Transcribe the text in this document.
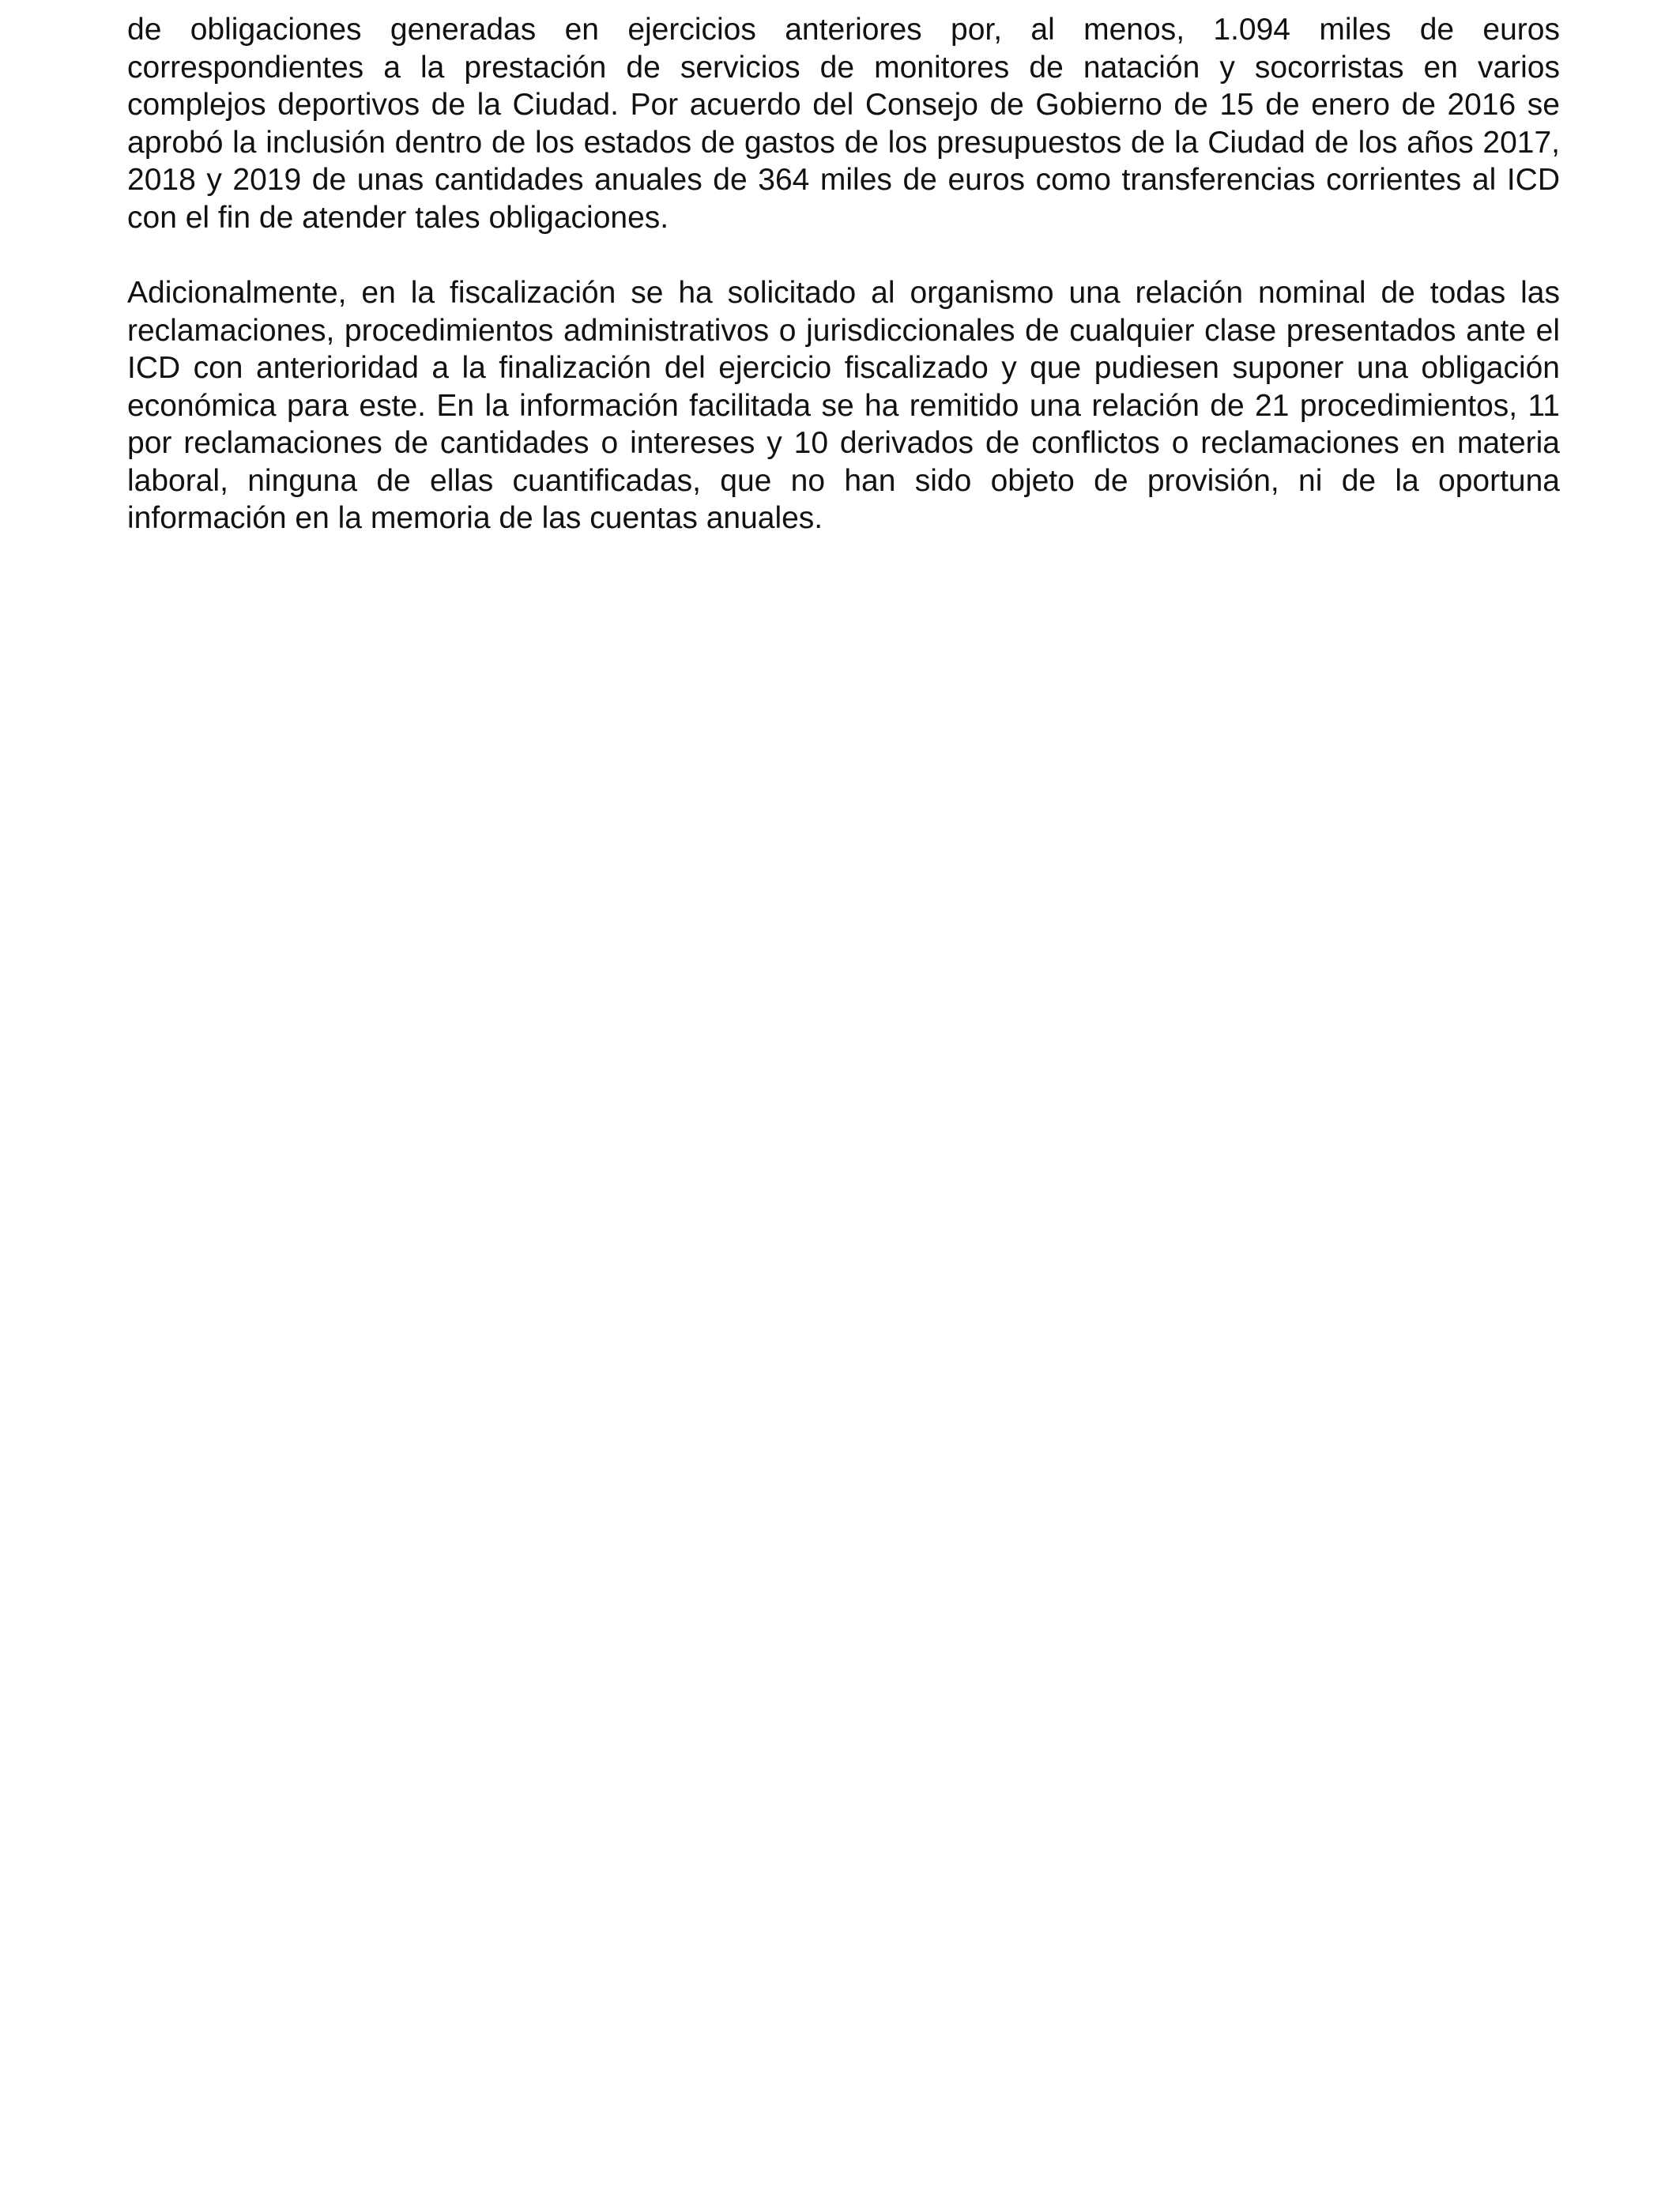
de obligaciones generadas en ejercicios anteriores por, al menos, 1.094 miles de euros correspondientes a la prestación de servicios de monitores de natación y socorristas en varios complejos deportivos de la Ciudad. Por acuerdo del Consejo de Gobierno de 15 de enero de 2016 se aprobó la inclusión dentro de los estados de gastos de los presupuestos de la Ciudad de los años 2017, 2018 y 2019 de unas cantidades anuales de 364 miles de euros como transferencias corrientes al ICD con el fin de atender tales obligaciones.

Adicionalmente, en la fiscalización se ha solicitado al organismo una relación nominal de todas las reclamaciones, procedimientos administrativos o jurisdiccionales de cualquier clase presentados ante el ICD con anterioridad a la finalización del ejercicio fiscalizado y que pudiesen suponer una obligación económica para este. En la información facilitada se ha remitido una relación de 21 procedimientos, 11 por reclamaciones de cantidades o intereses y 10 derivados de conflictos o reclamaciones en materia laboral, ninguna de ellas cuantificadas, que no han sido objeto de provisión, ni de la oportuna información en la memoria de las cuentas anuales.
